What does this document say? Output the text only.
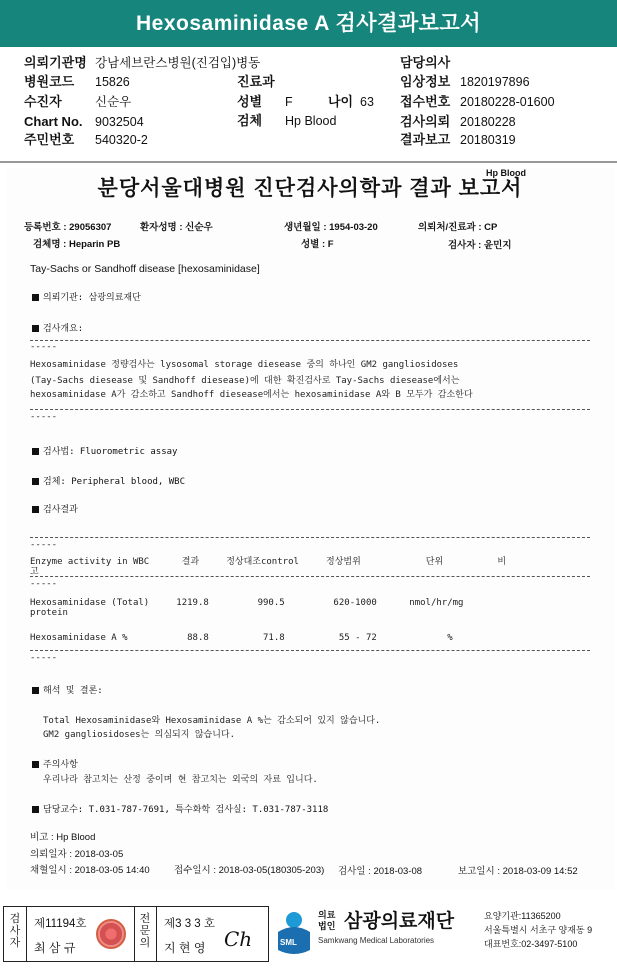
Hexosaminidase A 검사결과보고서
의뢰기관명 강남세브란스병원(진검입)병동	담당의사
병원코드 15826	진료과	임상정보 1820197896
수진자	신순우	성별 F	나이 63 접수번호 20180228-01600
Chart No. 9032504	검체 Hp Blood	검사의뢰 20180228
주민번호 540320-2	결과보고 20180319
Hp Blood
분당서울대병원 진단검사의학과 결과 보고서
등록번호 : 29056307	환자성명 : 신순우	생년월일 : 1954-03-20	의뢰처/진료과 : CP
검체명 : Heparin PB	성별 : F	검사자 : 윤민지
Tay-Sachs or Sandhoff disease [hexosaminidase]
의뢰기관: 삼광의료재단
검사개요:
-----
Hexosaminidase 정량검사는 lysosomal storage diesease 중의 하나인 GM2 gangliosidoses
(Tay-Sachs diesease 및 Sandhoff diesease)에 대한 확진검사로 Tay-Sachs diesease에서는
hexosaminidase A가 감소하고 Sandhoff diesease에서는 hexosaminidase A와 B 모두가 감소한다
-----
검사법: Fluorometric assay
검체: Peripheral blood, WBC
검사결과
-----
Enzyme activity in WBC      결과     정상대조control     정상범위            단위          비
고
-----
Hexosaminidase (Total)     1219.8         990.5         620-1000      nmol/hr/mg
protein
Hexosaminidase A %           88.8          71.8          55 - 72             %
-----
해석 및 결론:
Total Hexosaminidase와 Hexosaminidase A %는 감소되어 있지 않습니다.
GM2 gangliosidoses는 의심되지 않습니다.
주의사항
우리나라 참고치는 산정 중이며 현 참고치는 외국의 자료 입니다.
담당교수: T.031-787-7691, 특수화학 검사실: T.031-787-3118
비고 : Hp Blood
의뢰일자 : 2018-03-05
채혈일시 : 2018-03-05 14:40	접수일시 : 2018-03-05(180305-203) 검사일 : 2018-03-08	보고일시 : 2018-03-09 14:52
검사자
제11194호
최 삼 규
전문의
제3 3 3 호
지 현 영 Ch	SML
의료법인 삼광의료재단
Samkwang Medical Laboratories
요양기관:11365200
서울특별시 서초구 양재동 9
대표번호:02-3497-5100
